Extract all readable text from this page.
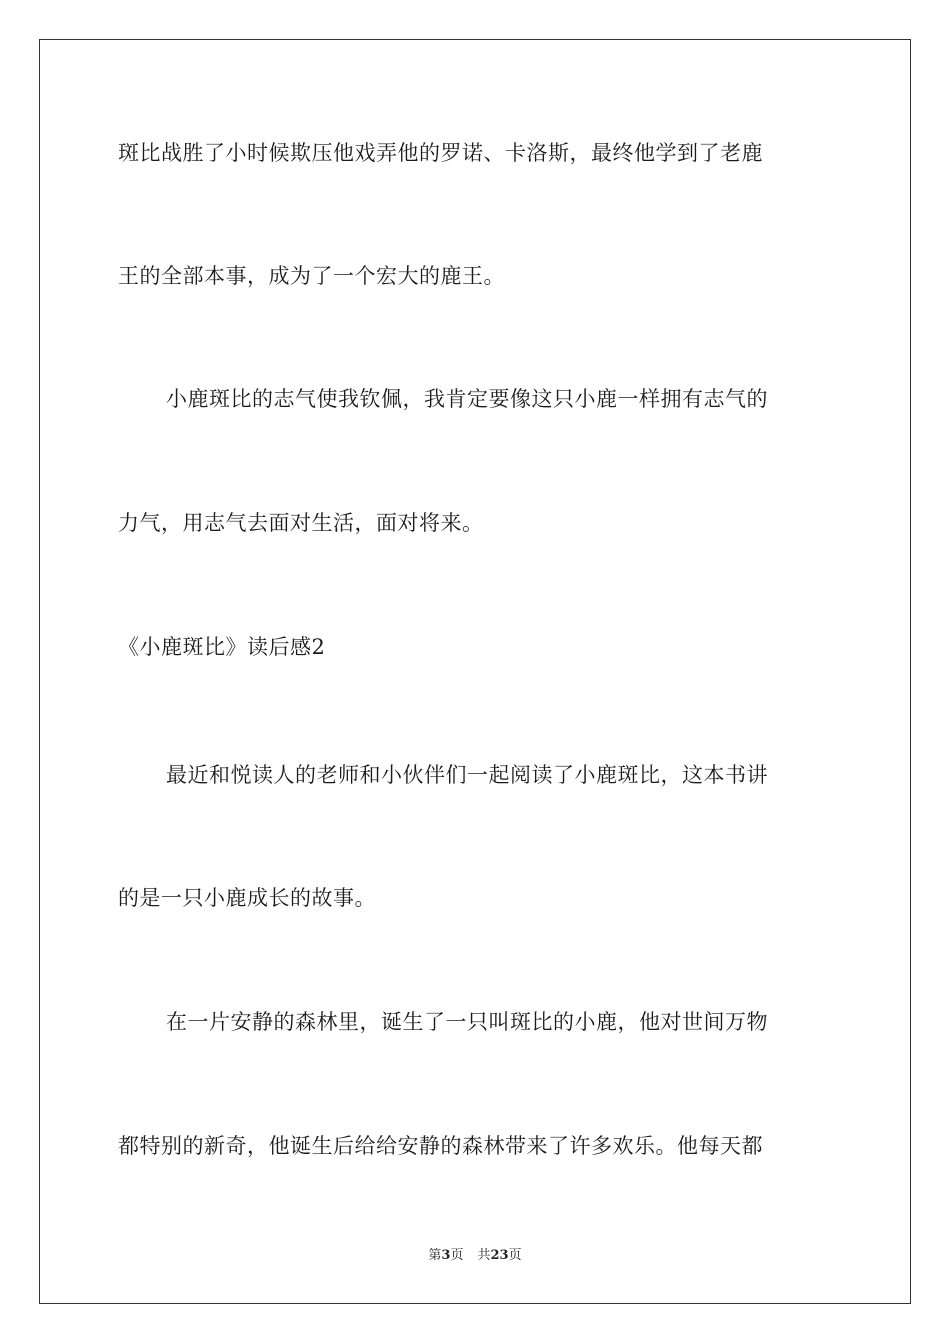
斑比战胜了小时候欺压他戏弄他的罗诺、卡洛斯，最终他学到了老鹿
王的全部本事，成为了一个宏大的鹿王。
小鹿斑比的志气使我钦佩，我肯定要像这只小鹿一样拥有志气的
力气，用志气去面对生活，面对将来。
《小鹿斑比》读后感2
最近和悦读人的老师和小伙伴们一起阅读了小鹿斑比，这本书讲
的是一只小鹿成长的故事。
在一片安静的森林里，诞生了一只叫斑比的小鹿，他对世间万物
都特别的新奇，他诞生后给给安静的森林带来了许多欢乐。他每天都
第3页 共23页
